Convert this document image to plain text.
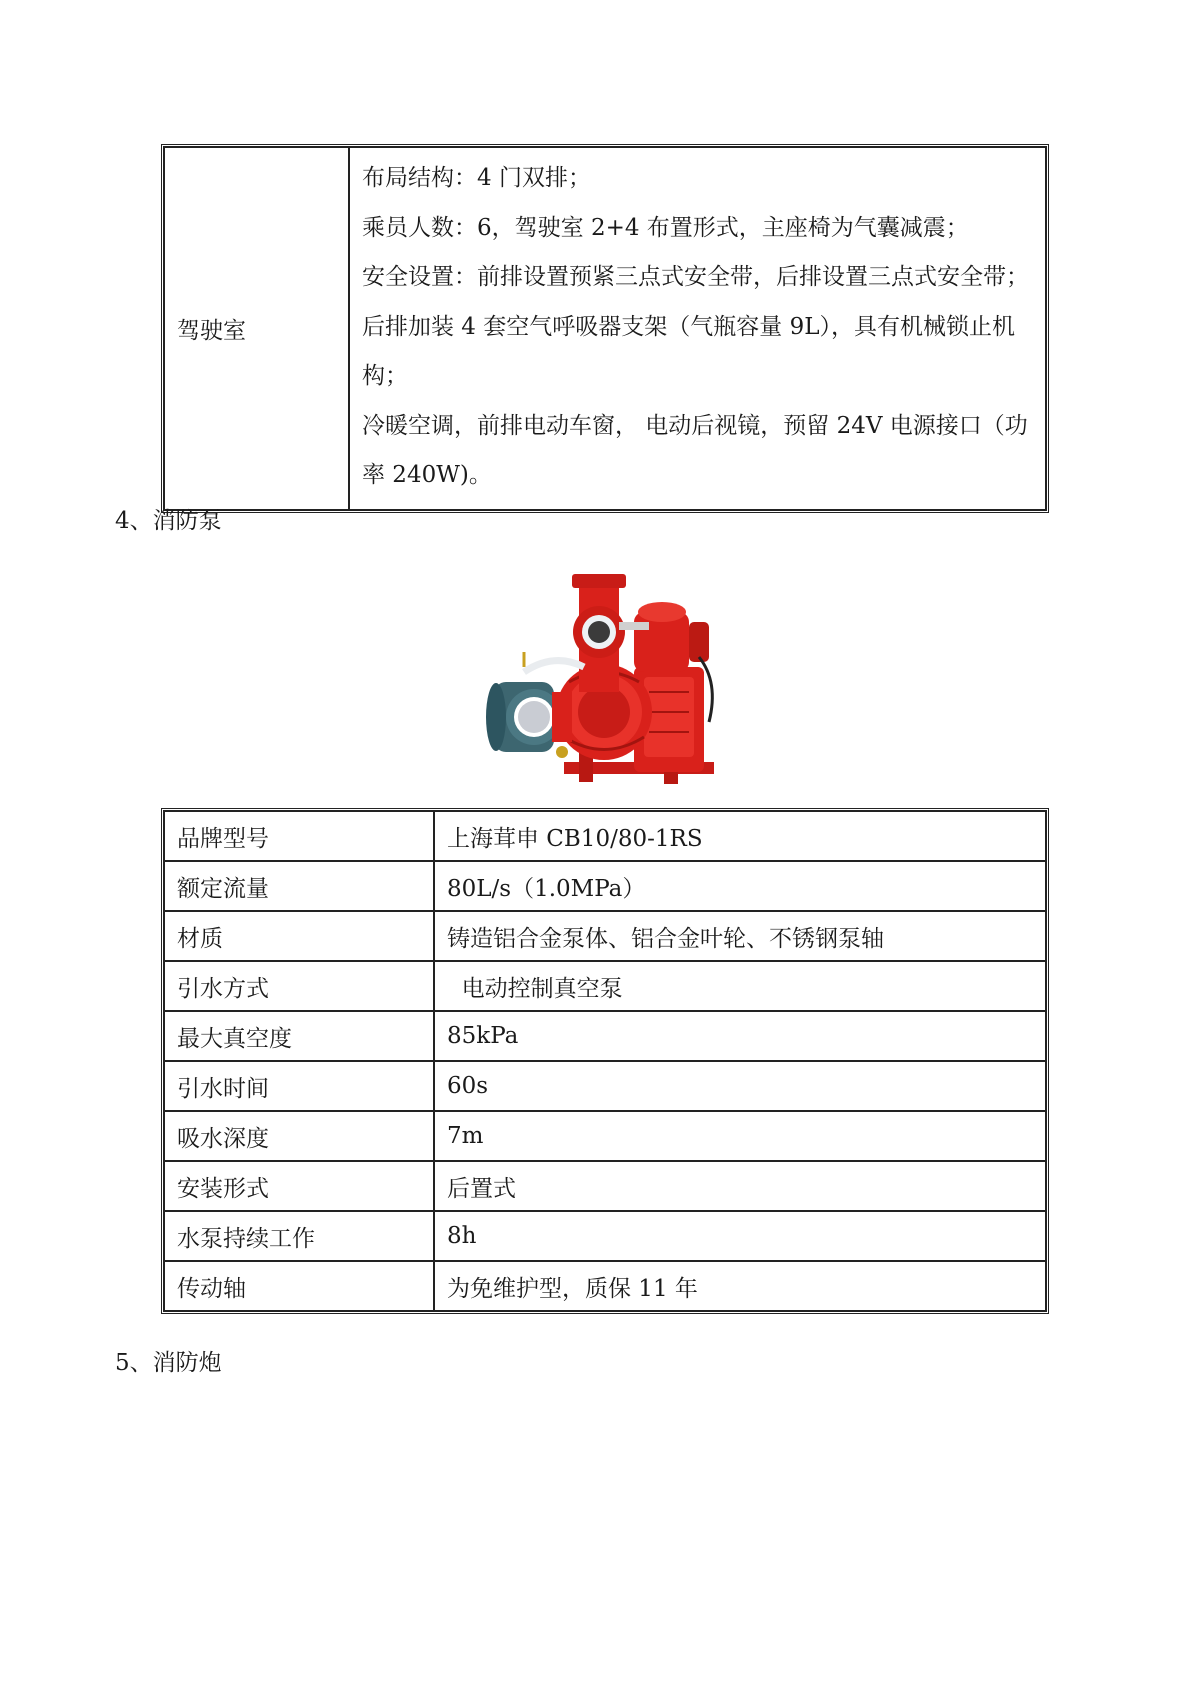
驾驶室	
布局结构：4 门双排；
乘员人数：6，驾驶室 2+4 布置形式，主座椅为气囊减震；
安全设置：前排设置预紧三点式安全带，后排设置三点式安全带；
后排加装 4 套空气呼吸器支架（气瓶容量 9L），具有机械锁止机
构；
冷暖空调，前排电动车窗， 电动后视镜，预留 24V 电源接口（功
率 240W)。
4、消防泵
品牌型号	上海茸申 CB10/80-1RS
额定流量	80L/s（1.0MPa）
材质	铸造铝合金泵体、铝合金叶轮、不锈钢泵轴
引水方式	电动控制真空泵
最大真空度	85kPa
引水时间	60s
吸水深度	7m
安装形式	后置式
水泵持续工作	8h
传动轴	为免维护型，质保 11 年
5、消防炮
